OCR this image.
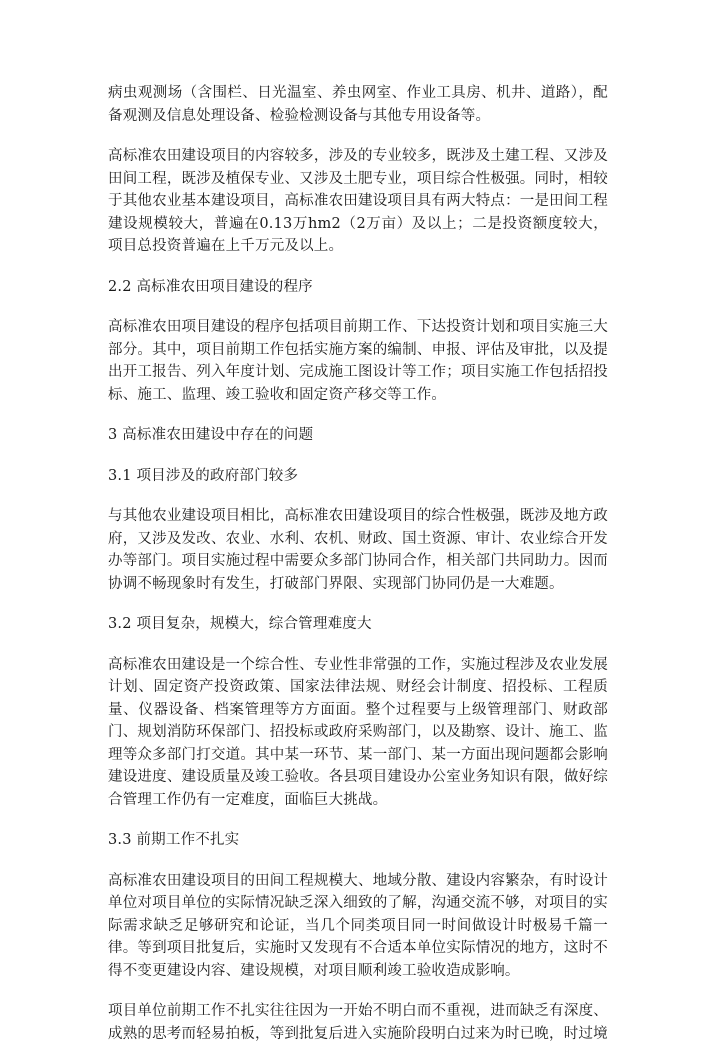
病虫观测场（含围栏、日光温室、养虫网室、作业工具房、机井、道路），配备观测及信息处理设备、检验检测设备与其他专用设备等。

高标准农田建设项目的内容较多，涉及的专业较多，既涉及土建工程、又涉及田间工程，既涉及植保专业、又涉及土肥专业，项目综合性极强。同时，相较于其他农业基本建设项目，高标准农田建设项目具有两大特点：一是田间工程建设规模较大，普遍在0.13万hm2（2万亩）及以上；二是投资额度较大，项目总投资普遍在上千万元及以上。

2.2 高标准农田项目建设的程序

高标准农田项目建设的程序包括项目前期工作、下达投资计划和项目实施三大部分。其中，项目前期工作包括实施方案的编制、申报、评估及审批，以及提出开工报告、列入年度计划、完成施工图设计等工作；项目实施工作包括招投标、施工、监理、竣工验收和固定资产移交等工作。

3 高标准农田建设中存在的问题

3.1 项目涉及的政府部门较多

与其他农业建设项目相比，高标准农田建设项目的综合性极强，既涉及地方政府，又涉及发改、农业、水利、农机、财政、国土资源、审计、农业综合开发办等部门。项目实施过程中需要众多部门协同合作，相关部门共同助力。因而协调不畅现象时有发生，打破部门界限、实现部门协同仍是一大难题。

3.2 项目复杂，规模大，综合管理难度大

高标准农田建设是一个综合性、专业性非常强的工作，实施过程涉及农业发展计划、固定资产投资政策、国家法律法规、财经会计制度、招投标、工程质量、仪器设备、档案管理等方方面面。整个过程要与上级管理部门、财政部门、规划消防环保部门、招投标或政府采购部门，以及勘察、设计、施工、监理等众多部门打交道。其中某一环节、某一部门、某一方面出现问题都会影响建设进度、建设质量及竣工验收。各县项目建设办公室业务知识有限，做好综合管理工作仍有一定难度，面临巨大挑战。

3.3 前期工作不扎实

高标准农田建设项目的田间工程规模大、地域分散、建设内容繁杂，有时设计单位对项目单位的实际情况缺乏深入细致的了解，沟通交流不够，对项目的实际需求缺乏足够研究和论证，当几个同类项目同一时间做设计时极易千篇一律。等到项目批复后，实施时又发现有不合适本单位实际情况的地方，这时不得不变更建设内容、建设规模，对项目顺利竣工验收造成影响。

项目单位前期工作不扎实往往因为一开始不明白而不重视，进而缺乏有深度、成熟的思考而轻易拍板，等到批复后进入实施阶段明白过来为时已晚，时过境
